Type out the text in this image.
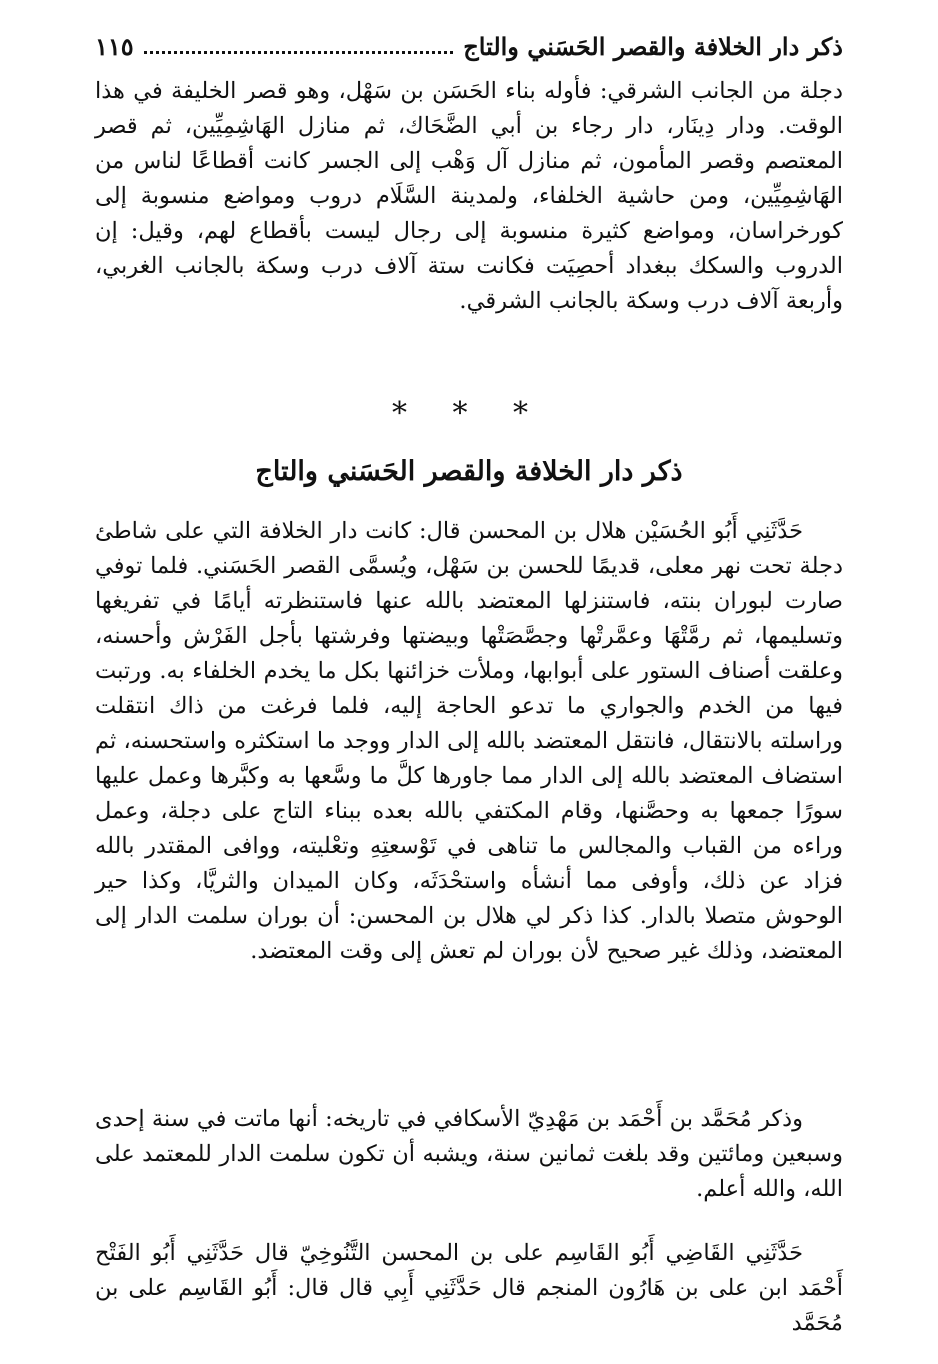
ذكر دار الخلافة والقصر الحَسَني والتاج
١١٥

دجلة من الجانب الشرقي: فأوله بناء الحَسَن بن سَهْل، وهو قصر الخليفة في هذا الوقت. ودار دِينَار، دار رجاء بن أبي الضَّحَاك، ثم منازل الهَاشِمِيِّين، ثم قصر المعتصم وقصر المأمون، ثم منازل آل وَهْب إلى الجسر كانت أقطاعًا لناس من الهَاشِمِيِّين، ومن حاشية الخلفاء، ولمدينة السَّلَام دروب ومواضع منسوبة إلى كورخراسان، ومواضع كثيرة منسوبة إلى رجال ليست بأقطاع لهم، وقيل: إن الدروب والسكك ببغداد أحصِيَت فكانت ستة آلاف درب وسكة بالجانب الغربي، وأربعة آلاف درب وسكة بالجانب الشرقي.

* * *
ذكر دار الخلافة والقصر الحَسَني والتاج

حَدَّثَنِي أَبُو الحُسَيْن هلال بن المحسن قال: كانت دار الخلافة التي على شاطئ دجلة تحت نهر معلى، قديمًا للحسن بن سَهْل، ويُسمَّى القصر الحَسَني. فلما توفي صارت لبوران بنته، فاستنزلها المعتضد بالله عنها فاستنظرته أيامًا في تفريغها وتسليمها، ثم رمَّتْهَا وعمَّرتْها وجصَّصَتْها وبيضتها وفرشتها بأجل الفَرْش وأحسنه، وعلقت أصناف الستور على أبوابها، وملأت خزائنها بكل ما يخدم الخلفاء به. ورتبت فيها من الخدم والجواري ما تدعو الحاجة إليه، فلما فرغت من ذاك انتقلت وراسلته بالانتقال، فانتقل المعتضد بالله إلى الدار ووجد ما استكثره واستحسنه، ثم استضاف المعتضد بالله إلى الدار مما جاورها كلَّ ما وسَّعها به وكبَّرها وعمل عليها سورًا جمعها به وحصَّنها، وقام المكتفي بالله بعده ببناء التاج على دجلة، وعمل وراءه من القباب والمجالس ما تناهى في تَوْسعتِهِ وتعْليته، ووافى المقتدر بالله فزاد عن ذلك، وأوفى مما أنشأه واستحْدَثَه، وكان الميدان والثريَّا، وكذا حير الوحوش متصلا بالدار. كذا ذكر لي هلال بن المحسن: أن بوران سلمت الدار إلى المعتضد، وذلك غير صحيح لأن بوران لم تعش إلى وقت المعتضد.

وذكر مُحَمَّد بن أَحْمَد بن مَهْدِيّ الأسكافي في تاريخه: أنها ماتت في سنة إحدى وسبعين ومائتين وقد بلغت ثمانين سنة، ويشبه أن تكون سلمت الدار للمعتمد على الله، والله أعلم.

حَدَّثَنِي القَاضِي أَبُو القَاسِم على بن المحسن التَّنُوخِيّ قال حَدَّثَنِي أَبُو الفَتْح أَحْمَد ابن على بن هَارُون المنجم قال حَدَّثَنِي أَبِي قال قال: أَبُو القَاسِم على بن مُحَمَّد
